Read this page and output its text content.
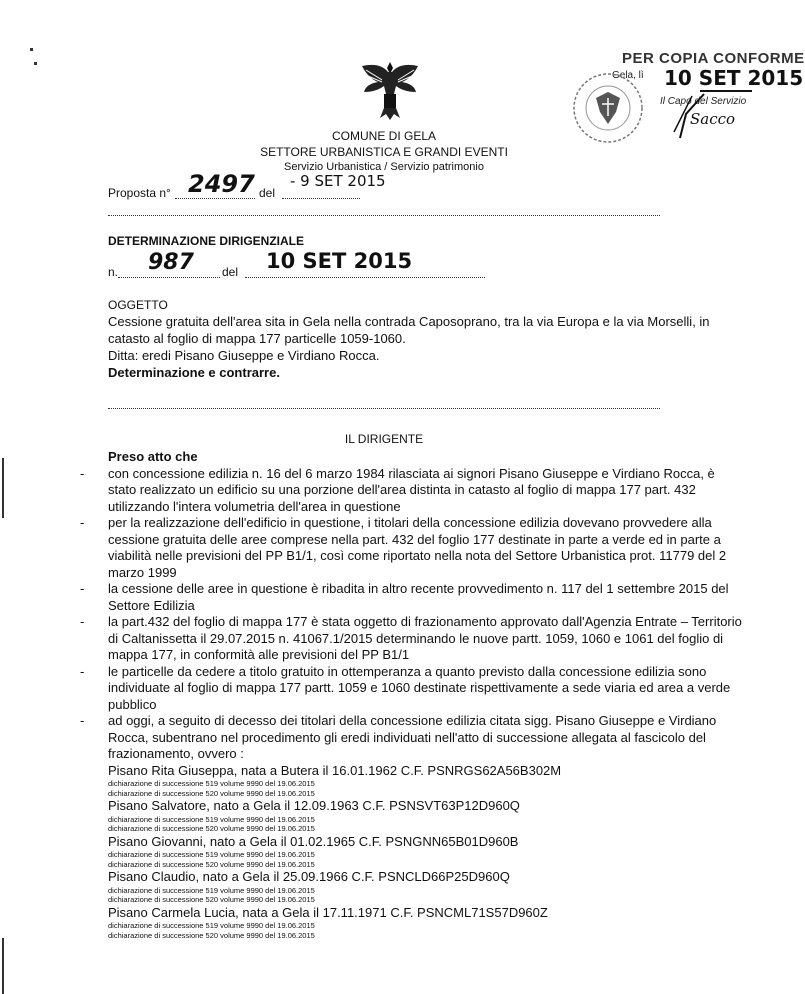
PER COPIA CONFORME
Gela, lì 10 SET 2015
Il Capo del Servizio
Sacco
COMUNE DI GELA
SETTORE URBANISTICA E GRANDI EVENTI
Servizio Urbanistica / Servizio patrimonio
Proposta n° 2497 del
- 9 SET 2015
DETERMINAZIONE DIRIGENZIALE
n. 987 del 10 SET 2015
OGGETTO
Cessione gratuita dell'area sita in Gela nella contrada Caposoprano, tra la via Europa e la via Morselli, in
catasto al foglio di mappa 177 particelle 1059-1060.
Ditta: eredi Pisano Giuseppe e Virdiano Rocca.
Determinazione e contrarre.
IL DIRIGENTE
Preso atto che
- con concessione edilizia n. 16 del 6 marzo 1984 rilasciata ai signori Pisano Giuseppe e Virdiano Rocca, è
stato realizzato un edificio su una porzione dell'area distinta in catasto al foglio di mappa 177 part. 432
utilizzando l'intera volumetria dell'area in questione
- per la realizzazione dell'edificio in questione, i titolari della concessione edilizia dovevano provvedere alla
cessione gratuita delle aree comprese nella part. 432 del foglio 177 destinate in parte a verde ed in parte a
viabilità nelle previsioni del PP B1/1, così come riportato nella nota del Settore Urbanistica prot. 11779 del 2
marzo 1999
- la cessione delle aree in questione è ribadita in altro recente provvedimento n. 117 del 1 settembre 2015 del
Settore Edilizia
- la part.432 del foglio di mappa 177 è stata oggetto di frazionamento approvato dall'Agenzia Entrate – Territorio
di Caltanissetta il 29.07.2015 n. 41067.1/2015 determinando le nuove partt. 1059, 1060 e 1061 del foglio di
mappa 177, in conformità alle previsioni del PP B1/1
- le particelle da cedere a titolo gratuito in ottemperanza a quanto previsto dalla concessione edilizia sono
individuate al foglio di mappa 177 partt. 1059 e 1060 destinate rispettivamente a sede viaria ed area a verde
pubblico
- ad oggi, a seguito di decesso dei titolari della concessione edilizia citata sigg. Pisano Giuseppe e Virdiano
Rocca, subentrano nel procedimento gli eredi individuati nell'atto di successione allegata al fascicolo del
frazionamento, ovvero :
Pisano Rita Giuseppa, nata a Butera il 16.01.1962 C.F. PSNRGS62A56B302M
dichiarazione di successione 519 volume 9990 del 19.06.2015
dichiarazione di successione 520 volume 9990 del 19.06.2015
Pisano Salvatore, nato a Gela il 12.09.1963 C.F. PSNSVT63P12D960Q
dichiarazione di successione 519 volume 9990 del 19.06.2015
dichiarazione di successione 520 volume 9990 del 19.06.2015
Pisano Giovanni, nato a Gela il 01.02.1965 C.F. PSNGNN65B01D960B
dichiarazione di successione 519 volume 9990 del 19.06.2015
dichiarazione di successione 520 volume 9990 del 19.06.2015
Pisano Claudio, nato a Gela il 25.09.1966 C.F. PSNCLD66P25D960Q
dichiarazione di successione 519 volume 9990 del 19.06.2015
dichiarazione di successione 520 volume 9990 del 19.06.2015
Pisano Carmela Lucia, nata a Gela il 17.11.1971 C.F. PSNCML71S57D960Z
dichiarazione di successione 519 volume 9990 del 19.06.2015
dichiarazione di successione 520 volume 9990 del 19.06.2015
